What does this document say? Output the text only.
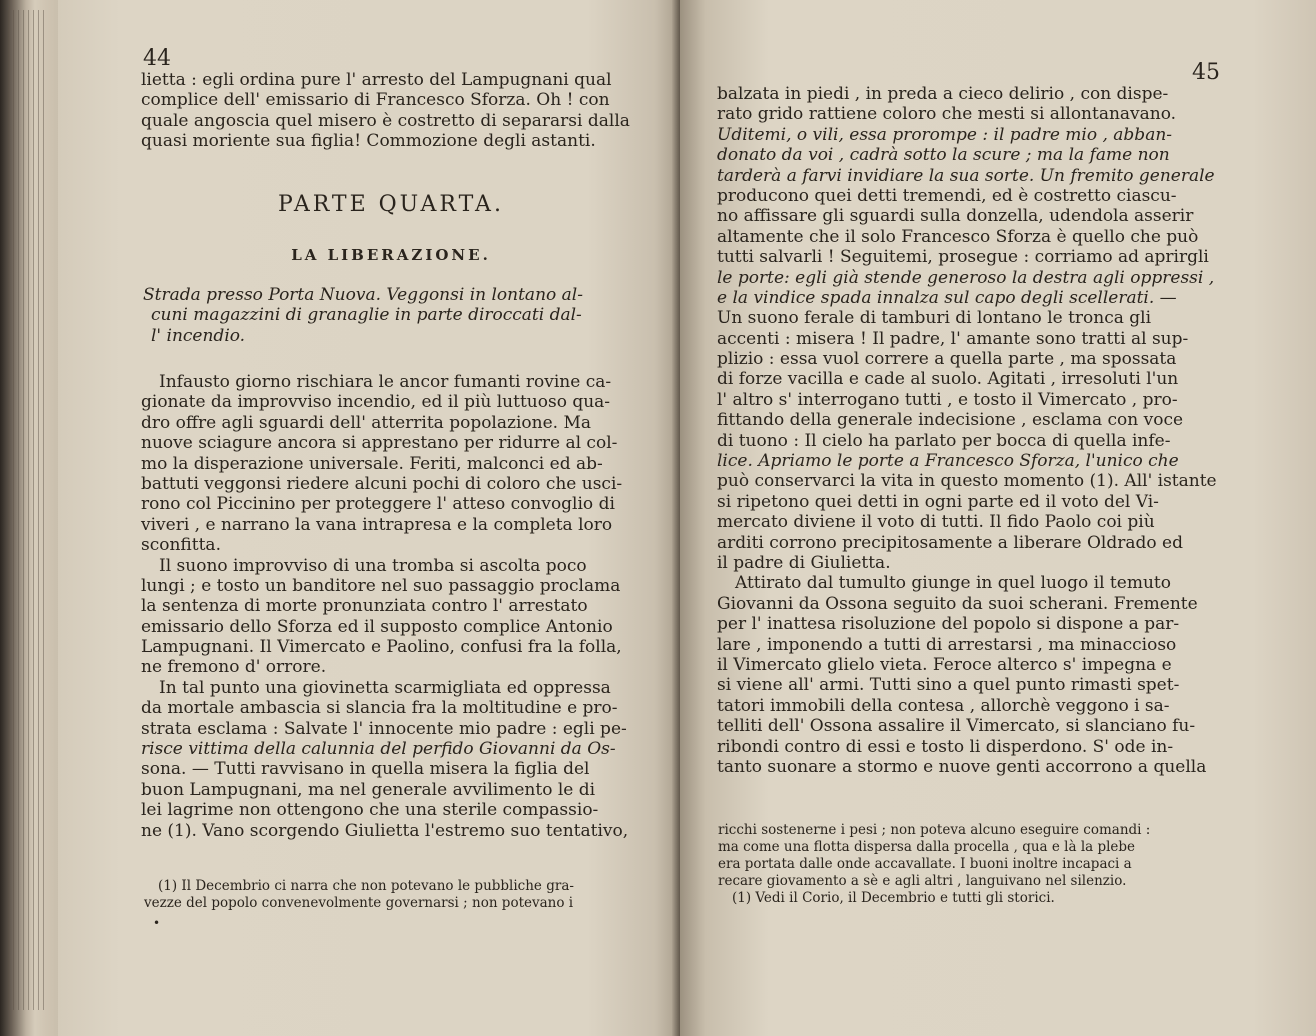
44
lietta : egli ordina pure l' arresto del Lampugnani qual
complice dell' emissario di Francesco Sforza. Oh ! con
quale angoscia quel misero è costretto di separarsi dalla
quasi moriente sua figlia! Commozione degli astanti.
PARTE QUARTA.
LA LIBERAZIONE.
Strada presso Porta Nuova. Veggonsi in lontano al-
cuni magazzini di granaglie in parte diroccati dal-
l' incendio.
Infausto giorno rischiara le ancor fumanti rovine ca-
gionate da improvviso incendio, ed il più luttuoso qua-
dro offre agli sguardi dell' atterrita popolazione. Ma
nuove sciagure ancora si apprestano per ridurre al col-
mo la disperazione universale. Feriti, malconci ed ab-
battuti veggonsi riedere alcuni pochi di coloro che usci-
rono col Piccinino per proteggere l' atteso convoglio di
viveri , e narrano la vana intrapresa e la completa loro
sconfitta.
Il suono improvviso di una tromba si ascolta poco
lungi ; e tosto un banditore nel suo passaggio proclama
la sentenza di morte pronunziata contro l' arrestato
emissario dello Sforza ed il supposto complice Antonio
Lampugnani. Il Vimercato e Paolino, confusi fra la folla,
ne fremono d' orrore.
In tal punto una giovinetta scarmigliata ed oppressa
da mortale ambascia si slancia fra la moltitudine e pro-
strata esclama : Salvate l' innocente mio padre : egli pe-
risce vittima della calunnia del perfido Giovanni da Os-
sona. — Tutti ravvisano in quella misera la figlia del
buon Lampugnani, ma nel generale avvilimento le di
lei lagrime non ottengono che una sterile compassio-
ne (1). Vano scorgendo Giulietta l'estremo suo tentativo,
(1) Il Decembrio ci narra che non potevano le pubbliche gra-
vezze del popolo convenevolmente governarsi ; non potevano i
•
45
balzata in piedi , in preda a cieco delirio , con dispe-
rato grido rattiene coloro che mesti si allontanavano.
Uditemi, o vili, essa prorompe : il padre mio , abban-
donato da voi , cadrà sotto la scure ; ma la fame non
tarderà a farvi invidiare la sua sorte. Un fremito generale
producono quei detti tremendi, ed è costretto ciascu-
no affissare gli sguardi sulla donzella, udendola asserir
altamente che il solo Francesco Sforza è quello che può
tutti salvarli ! Seguitemi, prosegue : corriamo ad aprirgli
le porte: egli già stende generoso la destra agli oppressi ,
e la vindice spada innalza sul capo degli scellerati. —
Un suono ferale di tamburi di lontano le tronca gli
accenti : misera ! Il padre, l' amante sono tratti al sup-
plizio : essa vuol correre a quella parte , ma spossata
di forze vacilla e cade al suolo. Agitati , irresoluti l'un
l' altro s' interrogano tutti , e tosto il Vimercato , pro-
fittando della generale indecisione , esclama con voce
di tuono : Il cielo ha parlato per bocca di quella infe-
lice. Apriamo le porte a Francesco Sforza, l'unico che
può conservarci la vita in questo momento (1). All' istante
si ripetono quei detti in ogni parte ed il voto del Vi-
mercato diviene il voto di tutti. Il fido Paolo coi più
arditi corrono precipitosamente a liberare Oldrado ed
il padre di Giulietta.
Attirato dal tumulto giunge in quel luogo il temuto
Giovanni da Ossona seguito da suoi scherani. Fremente
per l' inattesa risoluzione del popolo si dispone a par-
lare , imponendo a tutti di arrestarsi , ma minaccioso
il Vimercato glielo vieta. Feroce alterco s' impegna e
si viene all' armi. Tutti sino a quel punto rimasti spet-
tatori immobili della contesa , allorchè veggono i sa-
telliti dell' Ossona assalire il Vimercato, si slanciano fu-
ribondi contro di essi e tosto li disperdono. S' ode in-
tanto suonare a stormo e nuove genti accorrono a quella
ricchi sostenerne i pesi ; non poteva alcuno eseguire comandi :
ma come una flotta dispersa dalla procella , qua e là la plebe
era portata dalle onde accavallate. I buoni inoltre incapaci a
recare giovamento a sè e agli altri , languivano nel silenzio.
(1) Vedi il Corio, il Decembrio e tutti gli storici.
